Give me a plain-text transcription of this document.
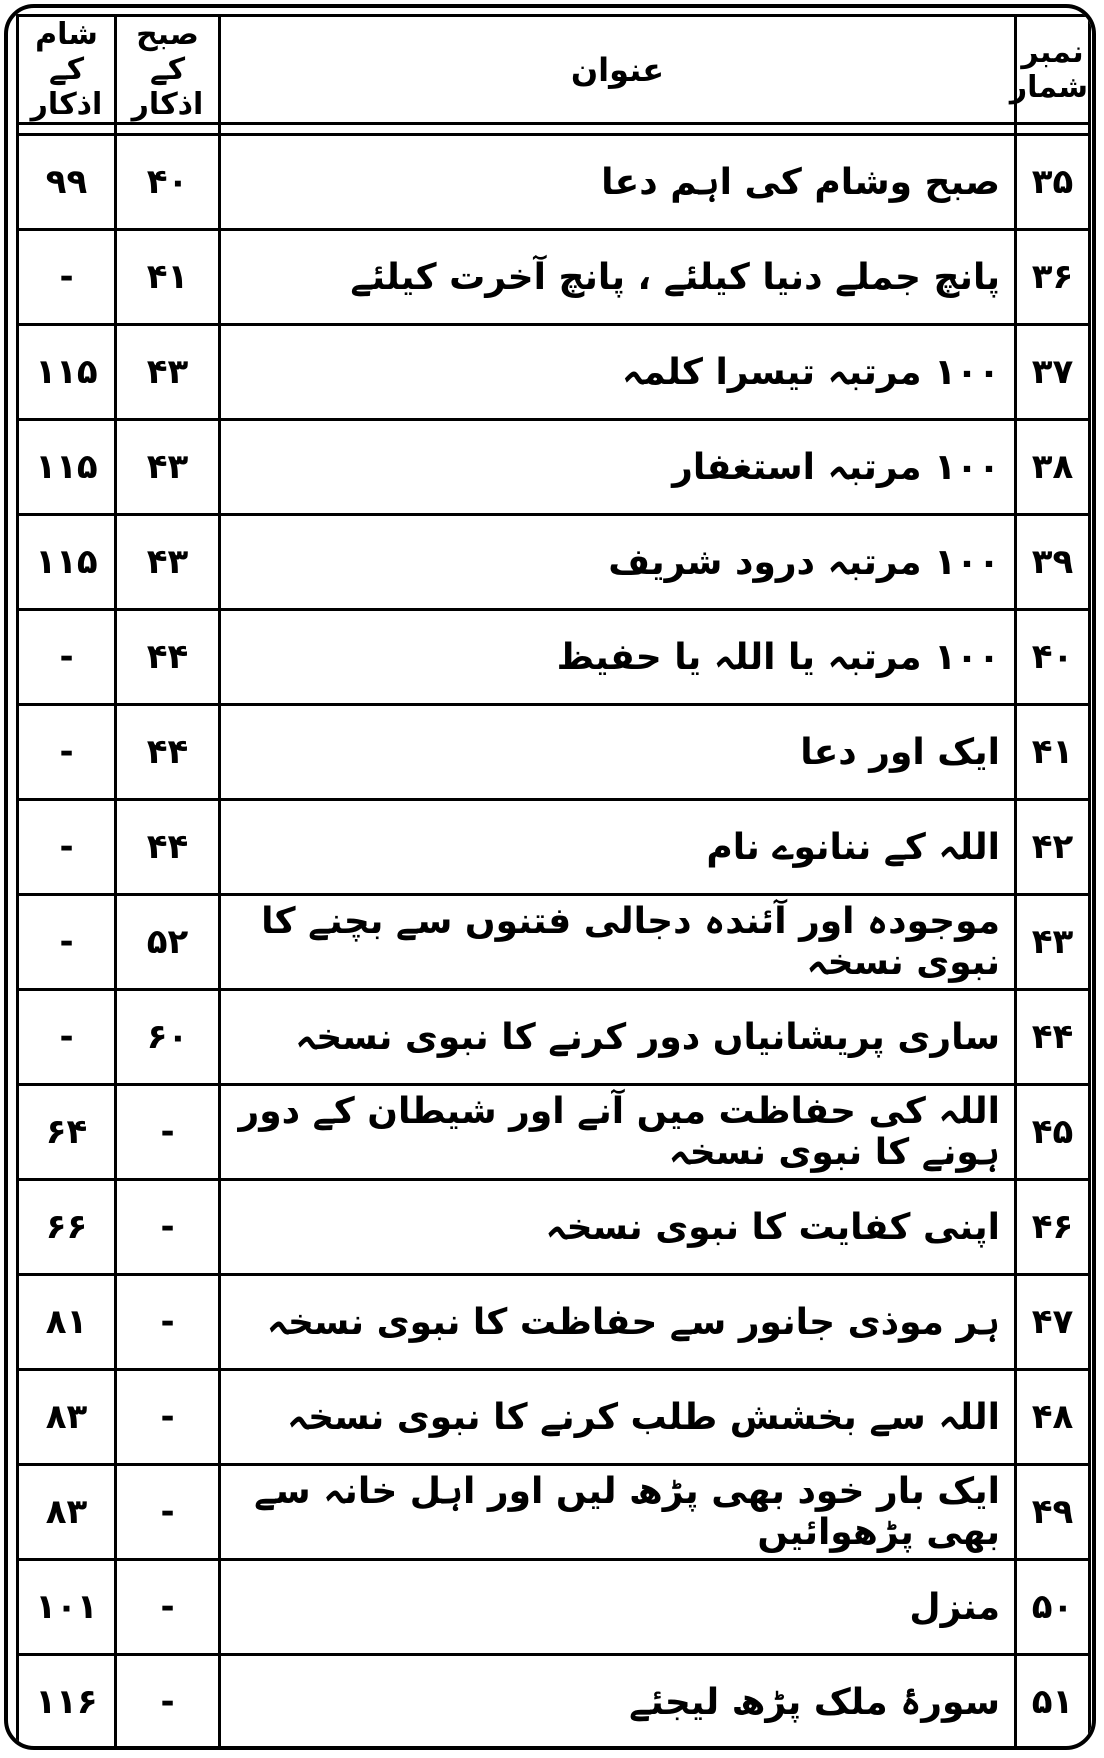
نمبر شمار	عنوان	صبح کے اذکار	شام کے اذکار

۳۵	صبح وشام کی اہم دعا	۴۰	۹۹
۳۶	پانچ جملے دنیا کیلئے ، پانچ آخرت کیلئے	۴۱	-
۳۷	۱۰۰ مرتبہ تیسرا کلمہ	۴۳	۱۱۵
۳۸	۱۰۰ مرتبہ استغفار	۴۳	۱۱۵
۳۹	۱۰۰ مرتبہ درود شریف	۴۳	۱۱۵
۴۰	۱۰۰ مرتبہ یا اللہ یا حفیظ	۴۴	-
۴۱	ایک اور دعا	۴۴	-
۴۲	اللہ کے ننانوے نام	۴۴	-
۴۳	موجودہ اور آئندہ دجالی فتنوں سے بچنے کا نبوی نسخہ	۵۲	-
۴۴	ساری پریشانیاں دور کرنے کا نبوی نسخہ	۶۰	-
۴۵	اللہ کی حفاظت میں آنے اور شیطان کے دور ہونے کا نبوی نسخہ	-	۶۴
۴۶	اپنی کفایت کا نبوی نسخہ	-	۶۶
۴۷	ہر موذی جانور سے حفاظت کا نبوی نسخہ	-	۸۱
۴۸	اللہ سے بخشش طلب کرنے کا نبوی نسخہ	-	۸۳
۴۹	ایک بار خود بھی پڑھ لیں اور اہل خانہ سے بھی پڑھوائیں	-	۸۳
۵۰	منزل	-	۱۰۱
۵۱	سورۂ ملک پڑھ لیجئے	-	۱۱۶
